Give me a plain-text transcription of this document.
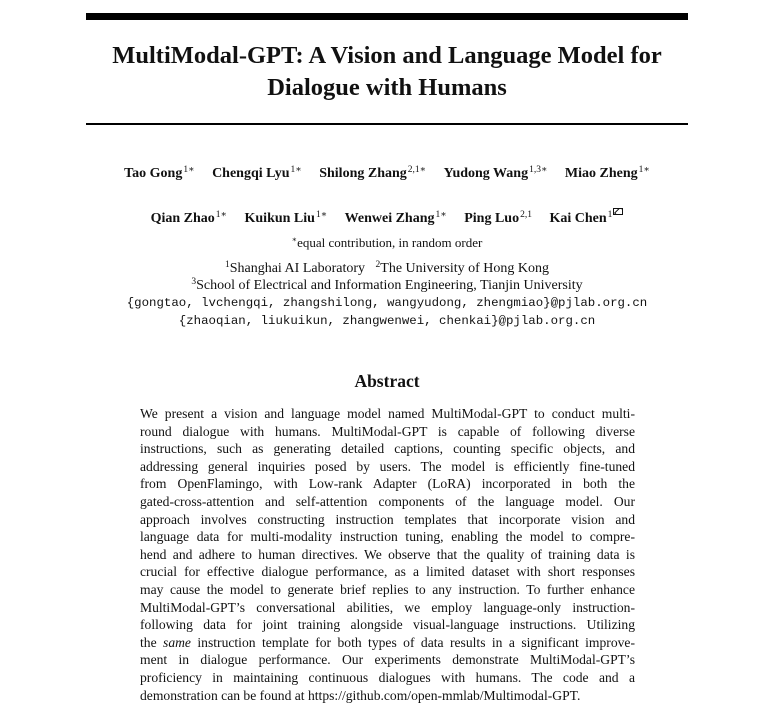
MultiModal-GPT: A Vision and Language Model for Dialogue with Humans
Tao Gong$^{1∗}$ Chengqi Lyu$^{1∗}$ Shilong Zhang$^{2,1∗}$ Yudong Wang$^{1,3∗}$ Miao Zheng$^{1∗}$
Qian Zhao$^{1∗}$ Kuikun Liu$^{1∗}$ Wenwei Zhang$^{1∗}$ Ping Luo$^{2,1}$ Kai Chen$^1$
∗equal contribution, in random order
$^1$Shanghai AI Laboratory $^2$The University of Hong Kong
$^3$School of Electrical and Information Engineering, Tianjin University
{gongtao, lvchengqi, zhangshilong, wangyudong, zhengmiao}@pjlab.org.cn
{zhaoqian, liukuikun, zhangwenwei, chenkai}@pjlab.org.cn
Abstract
We present a vision and language model named MultiModal-GPT to conduct multi-
round dialogue with humans. MultiModal-GPT is capable of following diverse
instructions, such as generating detailed captions, counting specific objects, and
addressing general inquiries posed by users. The model is efficiently fine-tuned
from OpenFlamingo, with Low-rank Adapter (LoRA) incorporated in both the
gated-cross-attention and self-attention components of the language model. Our
approach involves constructing instruction templates that incorporate vision and
language data for multi-modality instruction tuning, enabling the model to compre-
hend and adhere to human directives. We observe that the quality of training data is
crucial for effective dialogue performance, as a limited dataset with short responses
may cause the model to generate brief replies to any instruction. To further enhance
MultiModal-GPT’s conversational abilities, we employ language-only instruction-
following data for joint training alongside visual-language instructions. Utilizing
the same instruction template for both types of data results in a significant improve-
ment in dialogue performance. Our experiments demonstrate MultiModal-GPT’s
proficiency in maintaining continuous dialogues with humans. The code and a
demonstration can be found at https://github.com/open-mmlab/Multimodal-GPT.
